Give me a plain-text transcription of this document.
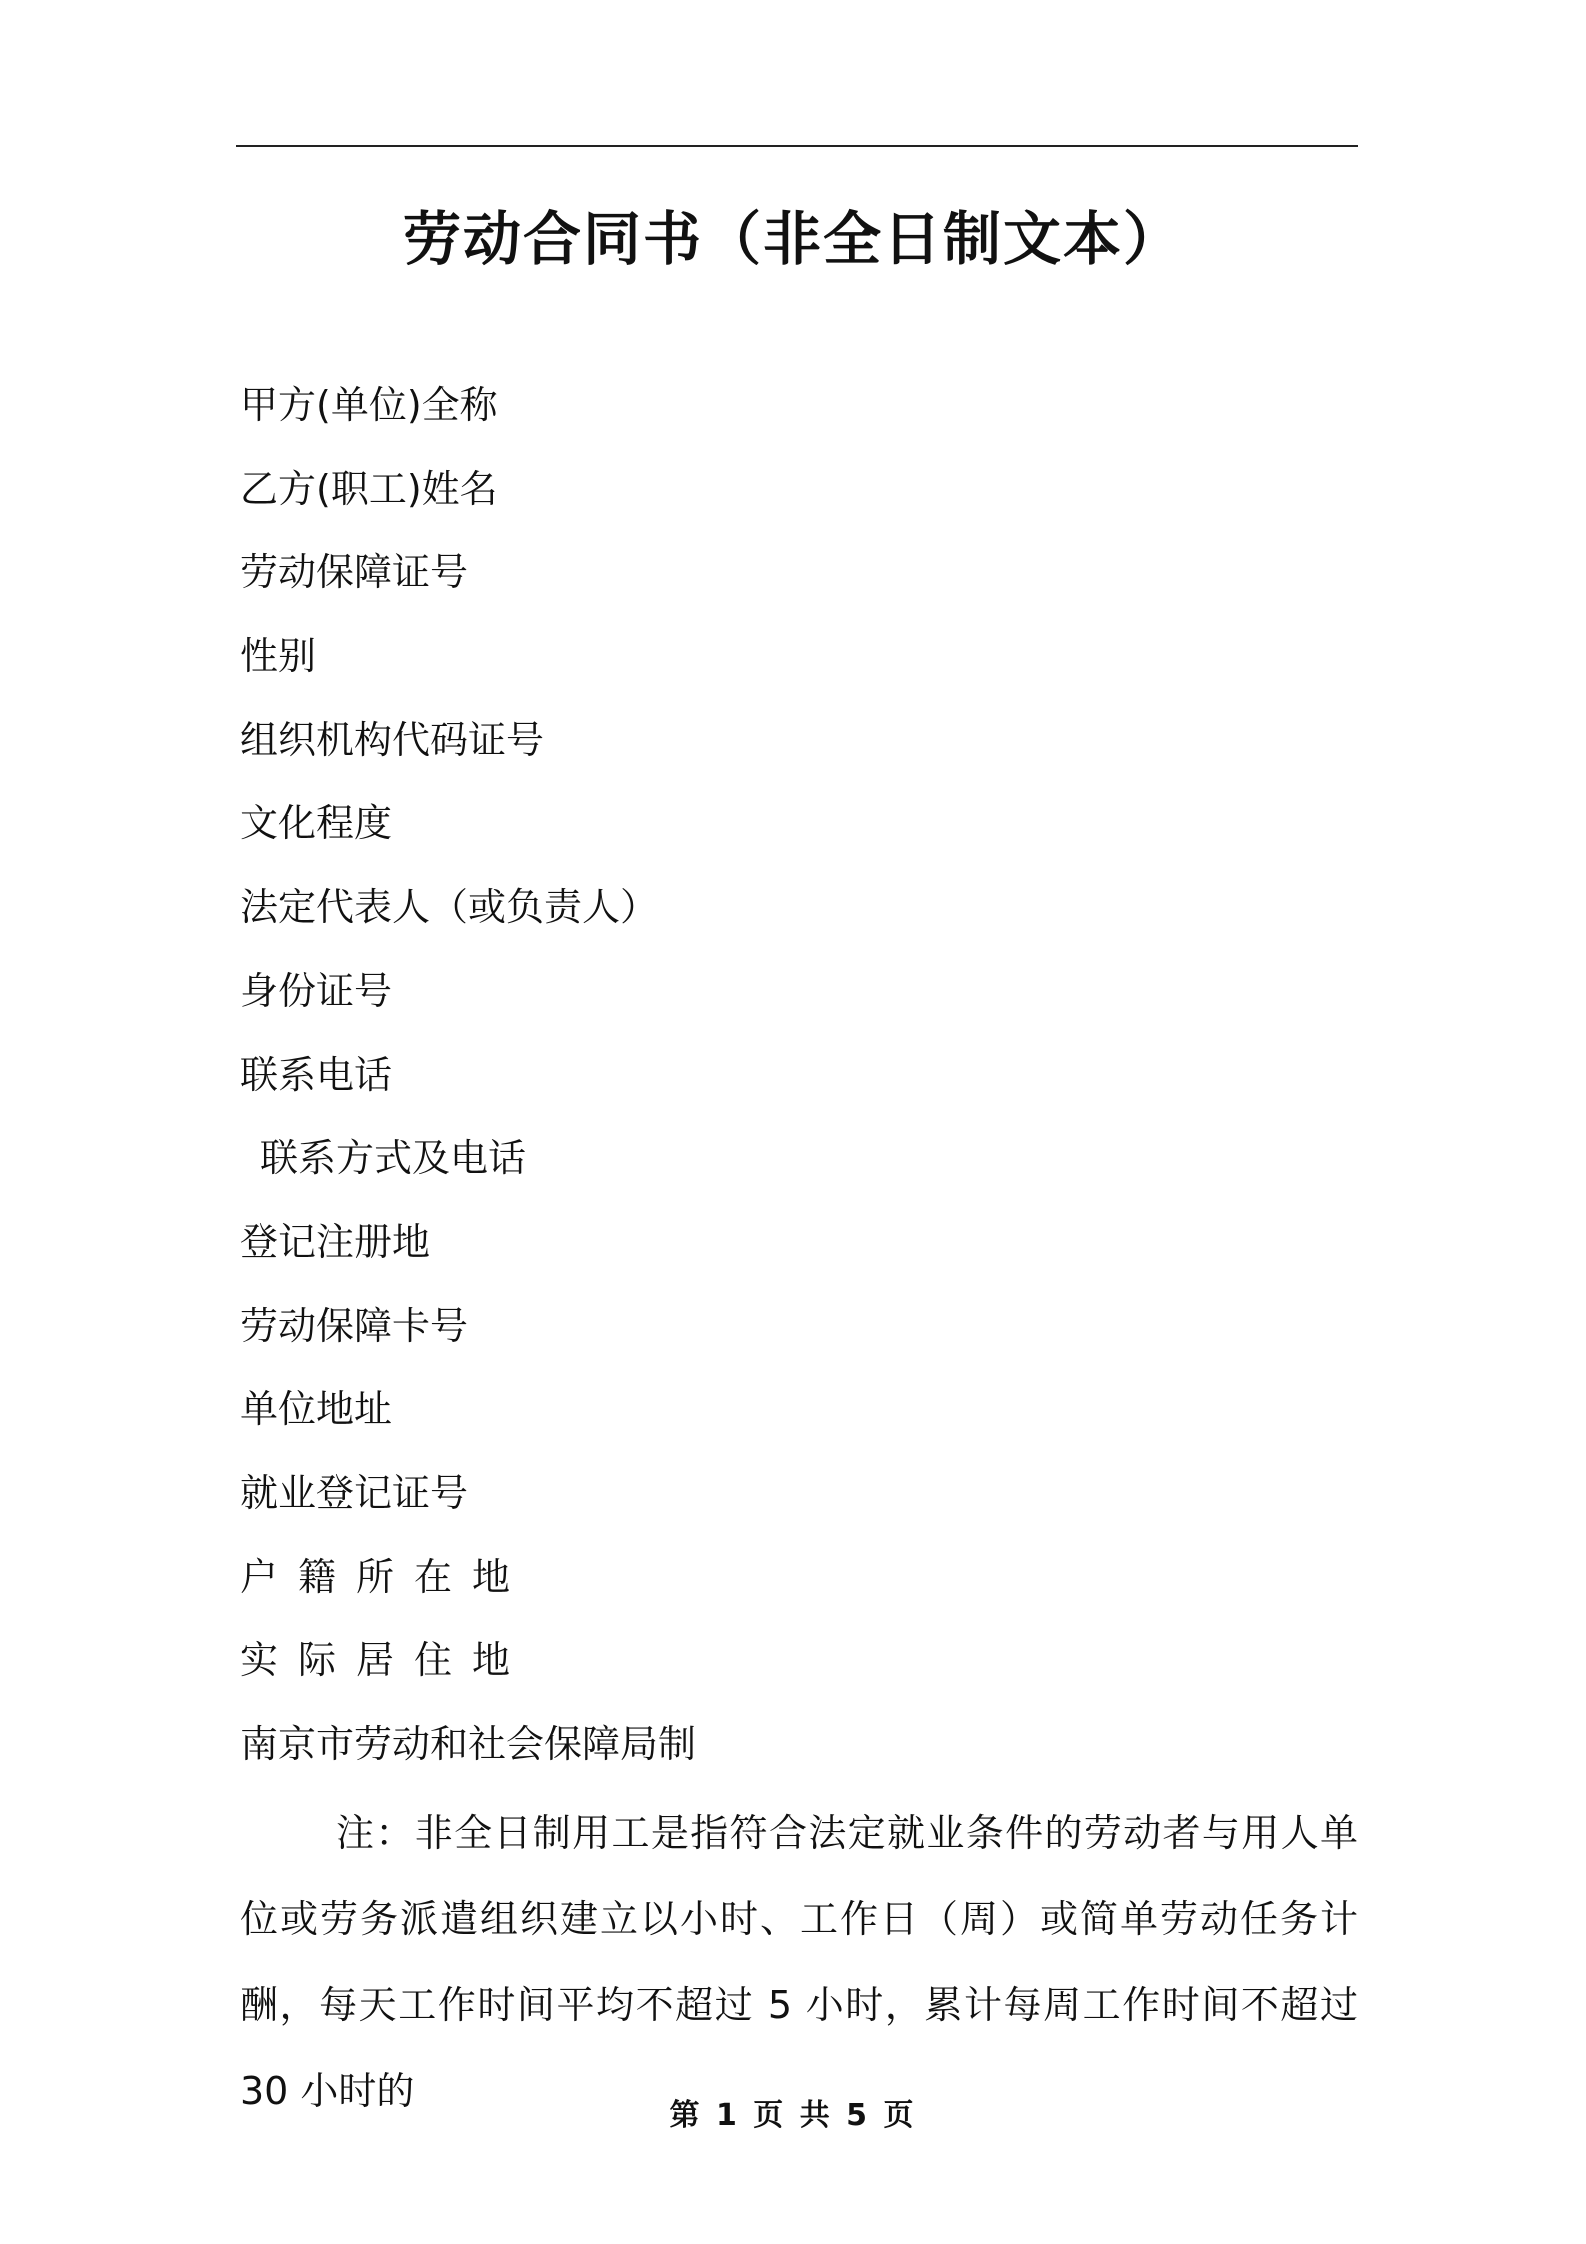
劳动合同书（非全日制文本）
甲方(单位)全称
乙方(职工)姓名
劳动保障证号
性别
组织机构代码证号
文化程度
法定代表人（或负责人）
身份证号
联系电话
联系方式及电话
登记注册地
劳动保障卡号
单位地址
就业登记证号
户籍所在地
实际居住地
南京市劳动和社会保障局制

注：非全日制用工是指符合法定就业条件的劳动者与用人单位或劳务派遣组织建立以小时、工作日（周）或简单劳动任务计酬，每天工作时间平均不超过 5 小时，累计每周工作时间不超过 30 小时的

第 1 页 共 5 页
